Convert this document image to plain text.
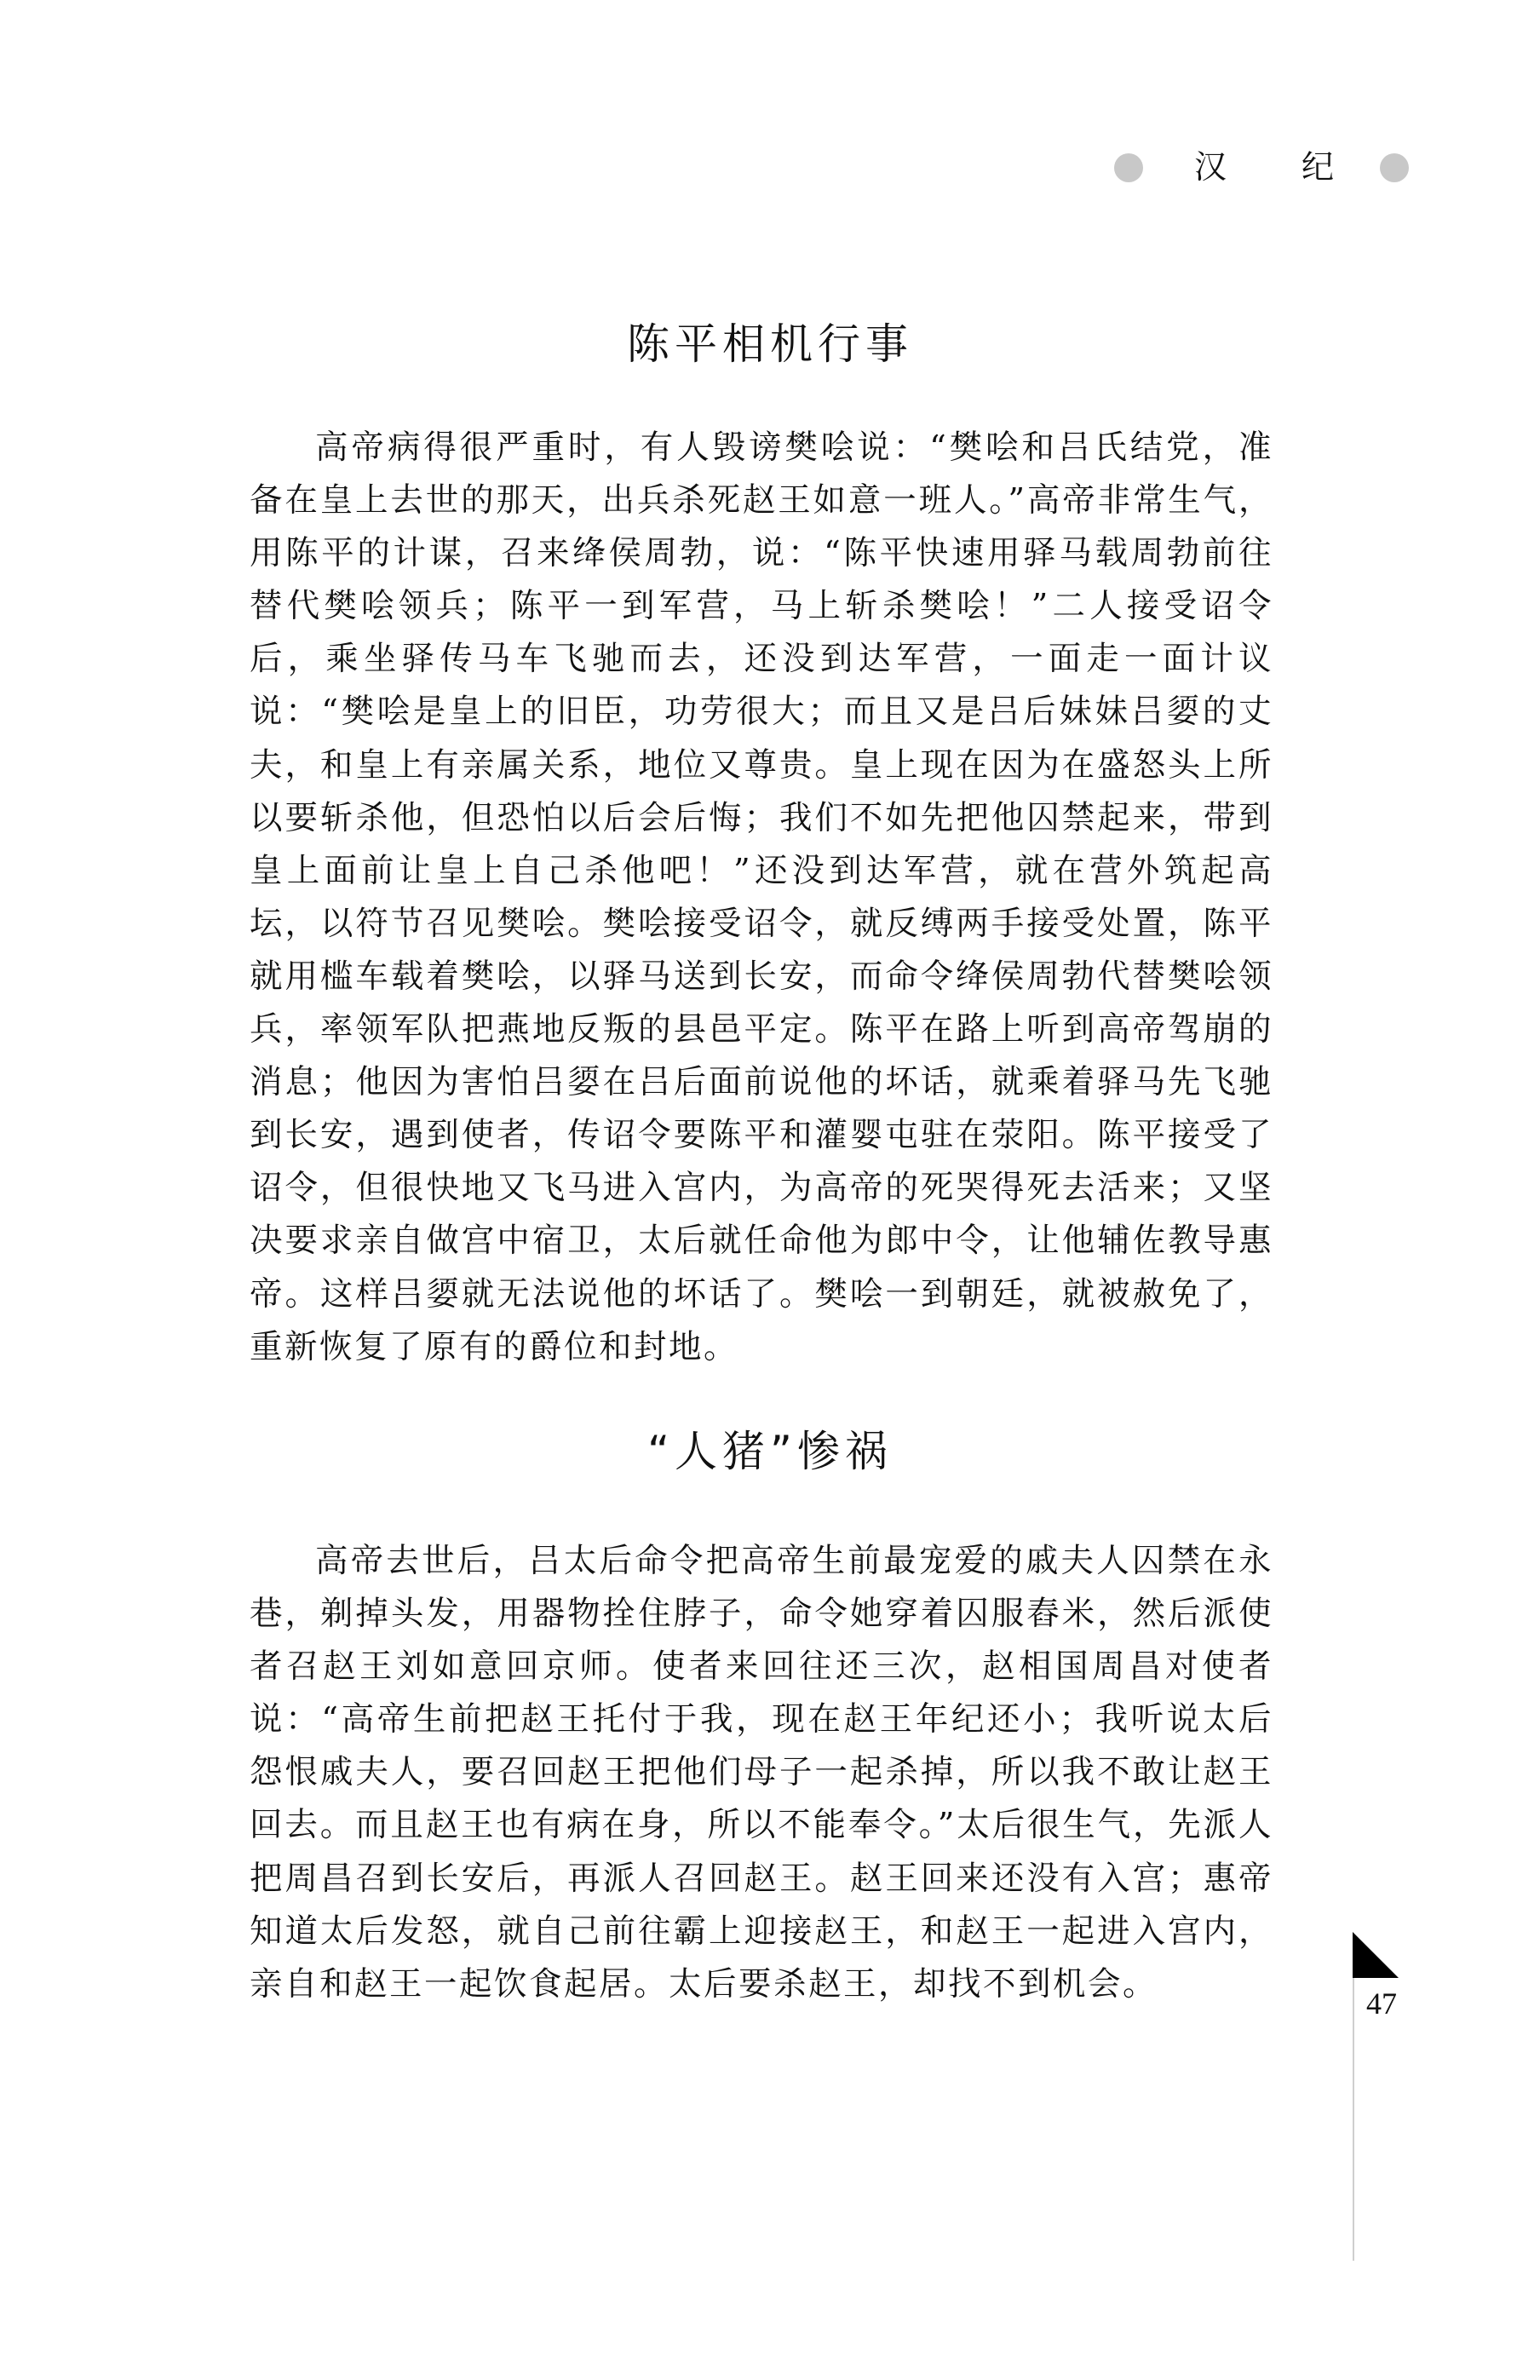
汉 纪
陈平相机行事

高帝病得很严重时，有人毁谤樊哙说：“樊哙和吕氏结党，准备在皇上去世的那天，出兵杀死赵王如意一班人。”高帝非常生气，用陈平的计谋，召来绛侯周勃，说：“陈平快速用驿马载周勃前往替代樊哙领兵；陈平一到军营，马上斩杀樊哙！”二人接受诏令后，乘坐驿传马车飞驰而去，还没到达军营，一面走一面计议说：“樊哙是皇上的旧臣，功劳很大；而且又是吕后妹妹吕媭的丈夫，和皇上有亲属关系，地位又尊贵。皇上现在因为在盛怒头上所以要斩杀他，但恐怕以后会后悔；我们不如先把他囚禁起来，带到皇上面前让皇上自己杀他吧！”还没到达军营，就在营外筑起高坛，以符节召见樊哙。樊哙接受诏令，就反缚两手接受处置，陈平就用槛车载着樊哙，以驿马送到长安，而命令绛侯周勃代替樊哙领兵，率领军队把燕地反叛的县邑平定。陈平在路上听到高帝驾崩的消息；他因为害怕吕媭在吕后面前说他的坏话，就乘着驿马先飞驰到长安，遇到使者，传诏令要陈平和灌婴屯驻在荥阳。陈平接受了诏令，但很快地又飞马进入宫内，为高帝的死哭得死去活来；又坚决要求亲自做宫中宿卫，太后就任命他为郎中令，让他辅佐教导惠帝。这样吕媭就无法说他的坏话了。樊哙一到朝廷，就被赦免了，重新恢复了原有的爵位和封地。

“人猪”惨祸

高帝去世后，吕太后命令把高帝生前最宠爱的戚夫人囚禁在永巷，剃掉头发，用器物拴住脖子，命令她穿着囚服舂米，然后派使者召赵王刘如意回京师。使者来回往还三次，赵相国周昌对使者说：“高帝生前把赵王托付于我，现在赵王年纪还小；我听说太后怨恨戚夫人，要召回赵王把他们母子一起杀掉，所以我不敢让赵王回去。而且赵王也有病在身，所以不能奉令。”太后很生气，先派人把周昌召到长安后，再派人召回赵王。赵王回来还没有入宫；惠帝知道太后发怒，就自己前往霸上迎接赵王，和赵王一起进入宫内，亲自和赵王一起饮食起居。太后要杀赵王，却找不到机会。

47
